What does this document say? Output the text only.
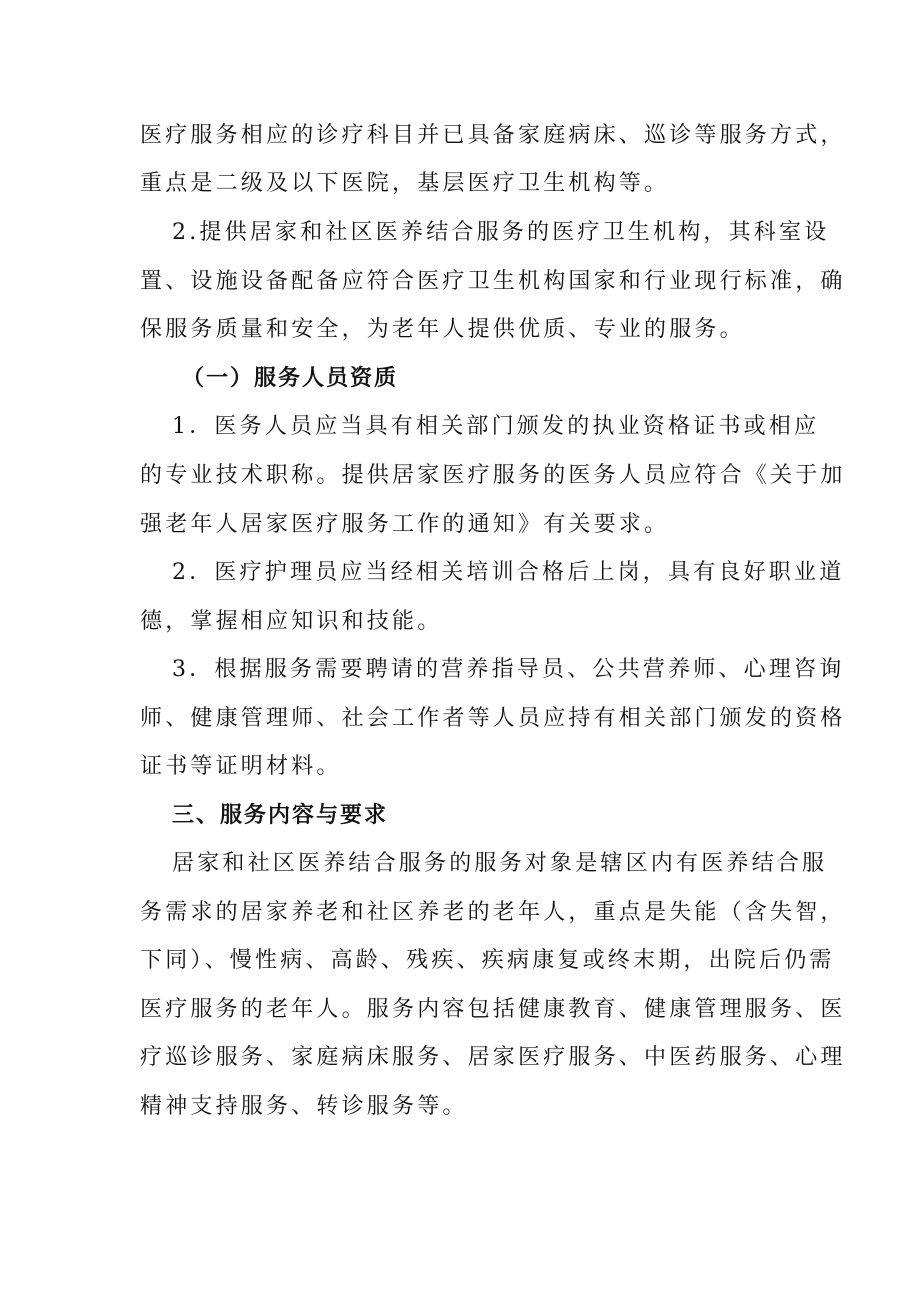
医疗服务相应的诊疗科目并已具备家庭病床、巡诊等服务方式，
重点是二级及以下医院，基层医疗卫生机构等。
2.提供居家和社区医养结合服务的医疗卫生机构，其科室设
置、设施设备配备应符合医疗卫生机构国家和行业现行标准，确
保服务质量和安全，为老年人提供优质、专业的服务。
（一）服务人员资质
1．医务人员应当具有相关部门颁发的执业资格证书或相应
的专业技术职称。提供居家医疗服务的医务人员应符合《关于加
强老年人居家医疗服务工作的通知》有关要求。
2．医疗护理员应当经相关培训合格后上岗，具有良好职业道
德，掌握相应知识和技能。
3．根据服务需要聘请的营养指导员、公共营养师、心理咨询
师、健康管理师、社会工作者等人员应持有相关部门颁发的资格
证书等证明材料。
三、服务内容与要求
居家和社区医养结合服务的服务对象是辖区内有医养结合服
务需求的居家养老和社区养老的老年人，重点是失能（含失智，
下同）、慢性病、高龄、残疾、疾病康复或终末期，出院后仍需
医疗服务的老年人。服务内容包括健康教育、健康管理服务、医
疗巡诊服务、家庭病床服务、居家医疗服务、中医药服务、心理
精神支持服务、转诊服务等。
